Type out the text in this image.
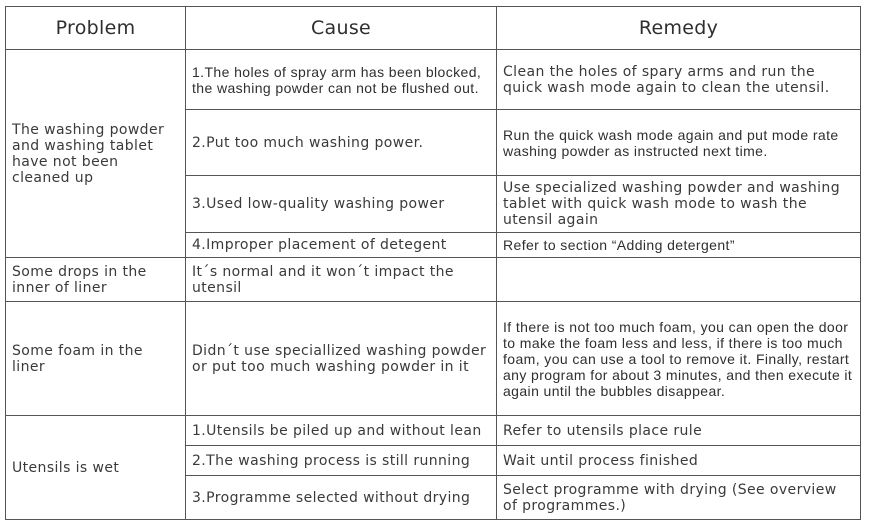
Problem	Cause	Remedy
The washing powder and washing tablet have not been cleaned up	1.The holes of spray arm has been blocked, the washing powder can not be flushed out.	Clean the holes of spary arms and run the quick wash mode again to clean the utensil.
	2.Put too much washing power.	Run the quick wash mode again and put mode rate washing powder as instructed next time.
	3.Used low-quality washing power	Use specialized washing powder and washing tablet with quick wash mode to wash the utensil again
	4.Improper placement of detegent	Refer to section “Adding detergent”
Some drops in the inner of liner	It´s normal and it won´t impact the utensil	
Some foam in the liner	Didn´t use speciallized washing powder or put too much washing powder in it	If there is not too much foam, you can open the door to make the foam less and less, if there is too much foam, you can use a tool to remove it. Finally, restart any program for about 3 minutes, and then execute it again until the bubbles disappear.
Utensils is wet	1.Utensils be piled up and without lean	Refer to utensils place rule
	2.The washing process is still running	Wait until process finished
	3.Programme selected without drying	Select programme with drying (See overview of programmes.)
